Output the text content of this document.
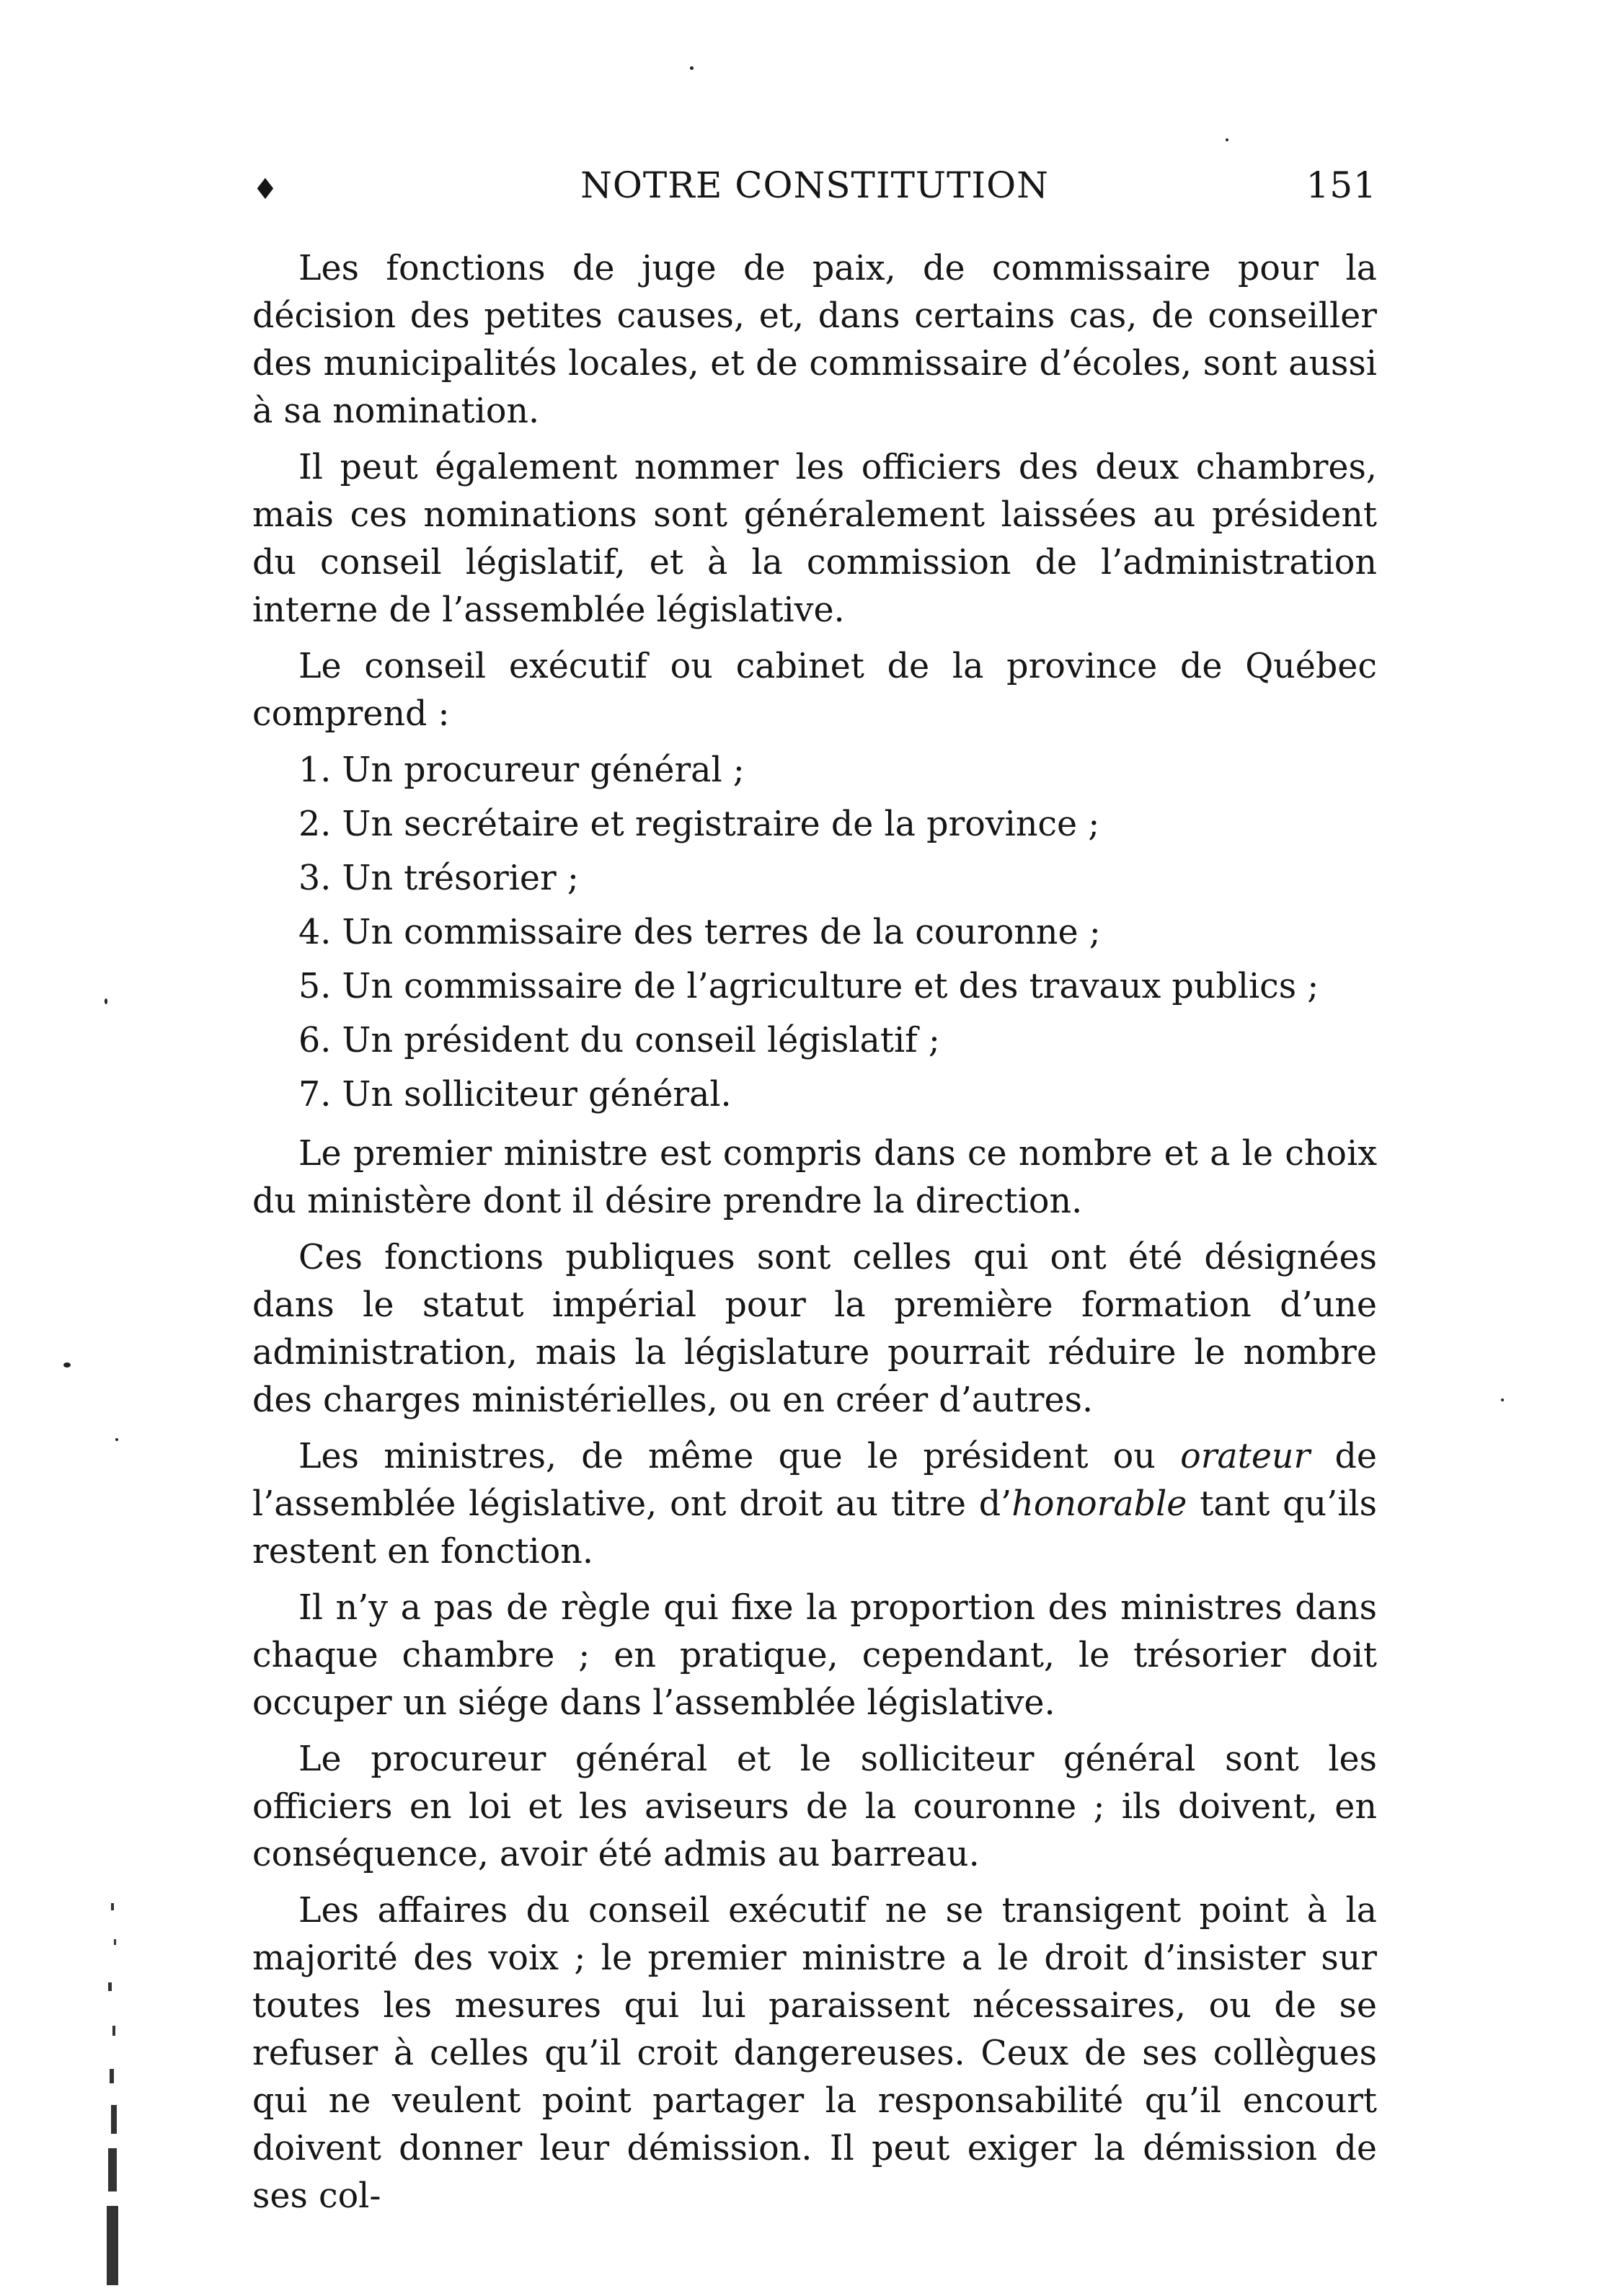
♦	NOTRE CONSTITUTION	151

Les fonctions de juge de paix, de commissaire pour la décision des petites causes, et, dans certains cas, de conseiller des municipalités locales, et de commissaire d’écoles, sont aussi à sa nomination.

Il peut également nommer les officiers des deux chambres, mais ces nominations sont généralement laissées au président du conseil législatif, et à la commission de l’administration interne de l’assemblée législative.

Le conseil exécutif ou cabinet de la province de Québec comprend :

1. Un procureur général ;
2. Un secrétaire et registraire de la province ;
3. Un trésorier ;
4. Un commissaire des terres de la couronne ;
5. Un commissaire de l’agriculture et des travaux publics ;
6. Un président du conseil législatif ;
7. Un solliciteur général.

Le premier ministre est compris dans ce nombre et a le choix du ministère dont il désire prendre la direction.

Ces fonctions publiques sont celles qui ont été désignées dans le statut impérial pour la première formation d’une administration, mais la législature pourrait réduire le nombre des charges ministérielles, ou en créer d’autres.

Les ministres, de même que le président ou orateur de l’assemblée législative, ont droit au titre d’honorable tant qu’ils restent en fonction.

Il n’y a pas de règle qui fixe la proportion des ministres dans chaque chambre ; en pratique, cependant, le trésorier doit occuper un siége dans l’assemblée législative.

Le procureur général et le solliciteur général sont les officiers en loi et les aviseurs de la couronne ; ils doivent, en conséquence, avoir été admis au barreau.

Les affaires du conseil exécutif ne se transigent point à la majorité des voix ; le premier ministre a le droit d’insister sur toutes les mesures qui lui paraissent nécessaires, ou de se refuser à celles qu’il croit dangereuses. Ceux de ses collègues qui ne veulent point partager la responsabilité qu’il encourt doivent donner leur démission. Il peut exiger la démission de ses col-
